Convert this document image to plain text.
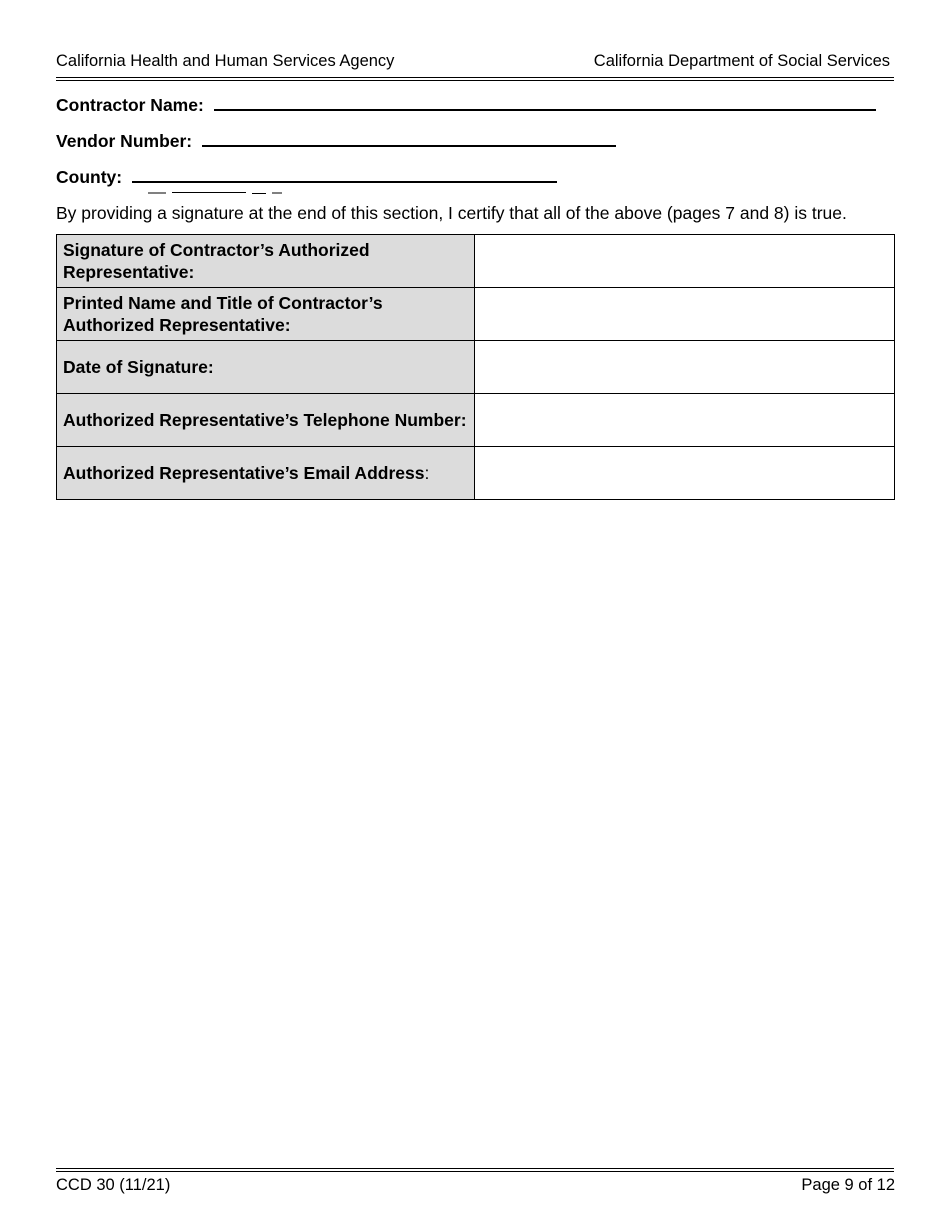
California Health and Human Services Agency	California Department of Social Services
Contractor Name:
Vendor Number:
County:
By providing a signature at the end of this section, I certify that all of the above (pages 7 and 8) is true.
Signature of Contractor’s Authorized Representative:	
Printed Name and Title of Contractor’s Authorized Representative:	
Date of Signature:	
Authorized Representative’s Telephone Number:	
Authorized Representative’s Email Address:	
CCD 30 (11/21)	Page 9 of 12
